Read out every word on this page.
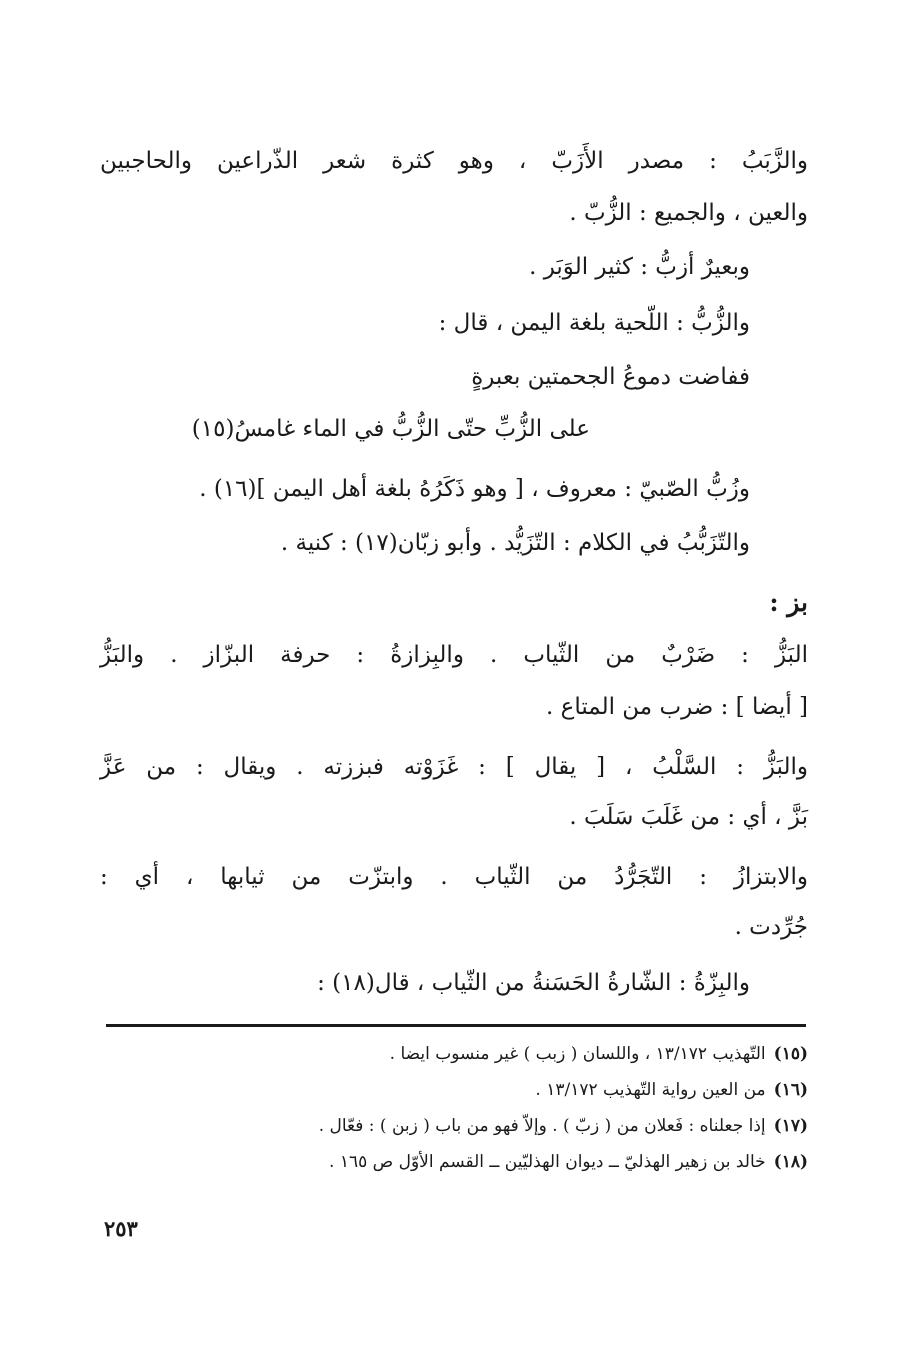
والزَّبَبُ : مصدر الأَزَبّ ، وهو كثرة شعر الذّراعين والحاجبين
والعين ، والجميع : الزُّبّ .
وبعيرٌ أزبُّ : كثير الوَبَر .
والزُّبُّ : اللّحية بلغة اليمن ، قال :
ففاضت دموعُ الجحمتين بعبرةٍ
على الزُّبِّ حتّى الزُّبُّ في الماء غامسُ(١٥)
وزُبُّ الصّبيّ : معروف ، [ وهو ذَكَرُهُ بلغة أهل اليمن ](١٦) .
والتّزَبُّبُ في الكلام : التّزَيُّد . وأبو زبّان(١٧) : كنية .
بز :
البَزُّ : ضَرْبٌ من الثّياب . والبِزازةُ : حرفة البزّاز . والبَزُّ
[ أيضا ] : ضرب من المتاع .
والبَزُّ : السَّلْبُ ، [ يقال ] : غَزَوْته فبززته . ويقال : من عَزَّ
بَزَّ ، أي : من غَلَبَ سَلَبَ .
والابتزازُ : التّجَرُّدُ من الثّياب . وابتزّت من ثيابها ، أي :
جُرِّدت .
والبِزّةُ : الشّارةُ الحَسَنةُ من الثّياب ، قال(١٨) :
(١٥)التّهذيب ١٣/١٧٢ ، واللسان ( زبب ) غير منسوب ايضا .
(١٦)من العين رواية التّهذيب ١٣/١٧٢ .
(١٧)إذا جعلناه : فَعلان من ( زبّ ) . وإلاّ فهو من باب ( زبن ) : فعّال .
(١٨)خالد بن زهير الهذليّ ــ ديوان الهذليّين ــ القسم الأوّل ص ١٦٥ .
٢٥٣
